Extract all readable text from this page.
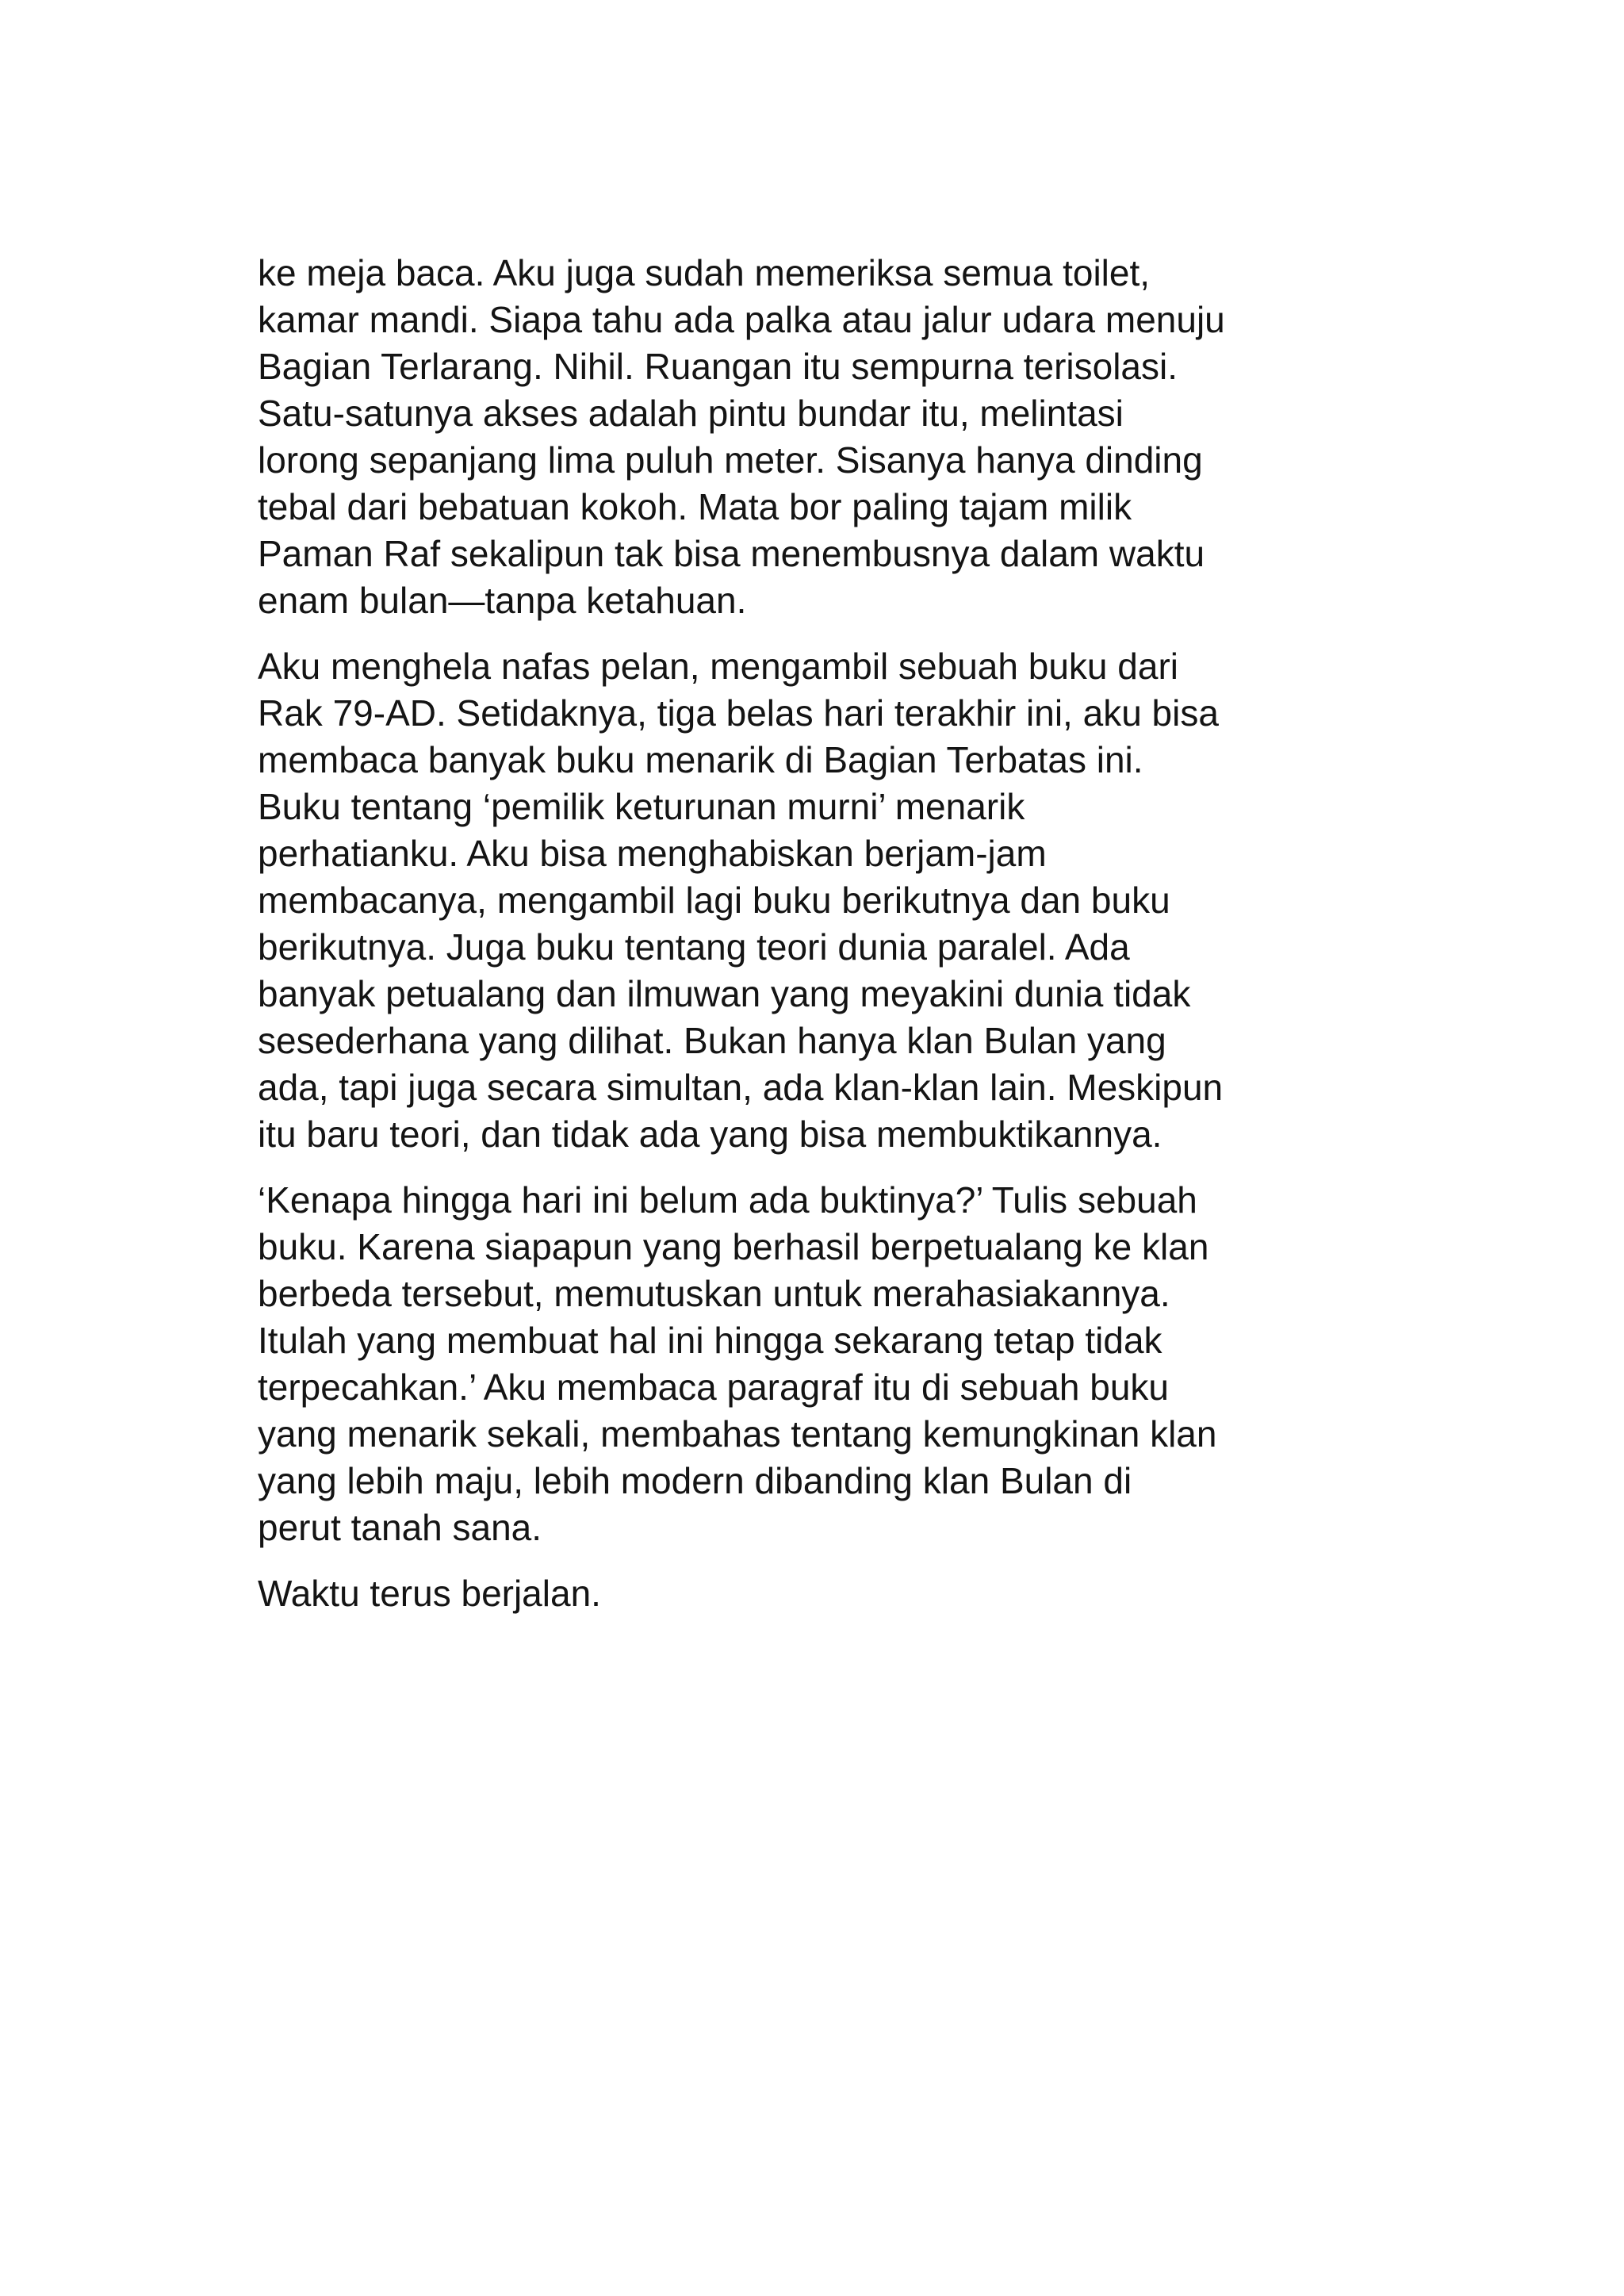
ke meja baca. Aku juga sudah memeriksa semua toilet,
kamar mandi. Siapa tahu ada palka atau jalur udara menuju
Bagian Terlarang. Nihil. Ruangan itu sempurna terisolasi.
Satu-satunya akses adalah pintu bundar itu, melintasi
lorong sepanjang lima puluh meter. Sisanya hanya dinding
tebal dari bebatuan kokoh. Mata bor paling tajam milik
Paman Raf sekalipun tak bisa menembusnya dalam waktu
enam bulan—tanpa ketahuan.

Aku menghela nafas pelan, mengambil sebuah buku dari
Rak 79-AD. Setidaknya, tiga belas hari terakhir ini, aku bisa
membaca banyak buku menarik di Bagian Terbatas ini.
Buku tentang ‘pemilik keturunan murni’ menarik
perhatianku. Aku bisa menghabiskan berjam-jam
membacanya, mengambil lagi buku berikutnya dan buku
berikutnya. Juga buku tentang teori dunia paralel. Ada
banyak petualang dan ilmuwan yang meyakini dunia tidak
sesederhana yang dilihat. Bukan hanya klan Bulan yang
ada, tapi juga secara simultan, ada klan-klan lain. Meskipun
itu baru teori, dan tidak ada yang bisa membuktikannya.

‘Kenapa hingga hari ini belum ada buktinya?’ Tulis sebuah
buku. Karena siapapun yang berhasil berpetualang ke klan
berbeda tersebut, memutuskan untuk merahasiakannya.
Itulah yang membuat hal ini hingga sekarang tetap tidak
terpecahkan.’ Aku membaca paragraf itu di sebuah buku
yang menarik sekali, membahas tentang kemungkinan klan
yang lebih maju, lebih modern dibanding klan Bulan di
perut tanah sana.

Waktu terus berjalan.
